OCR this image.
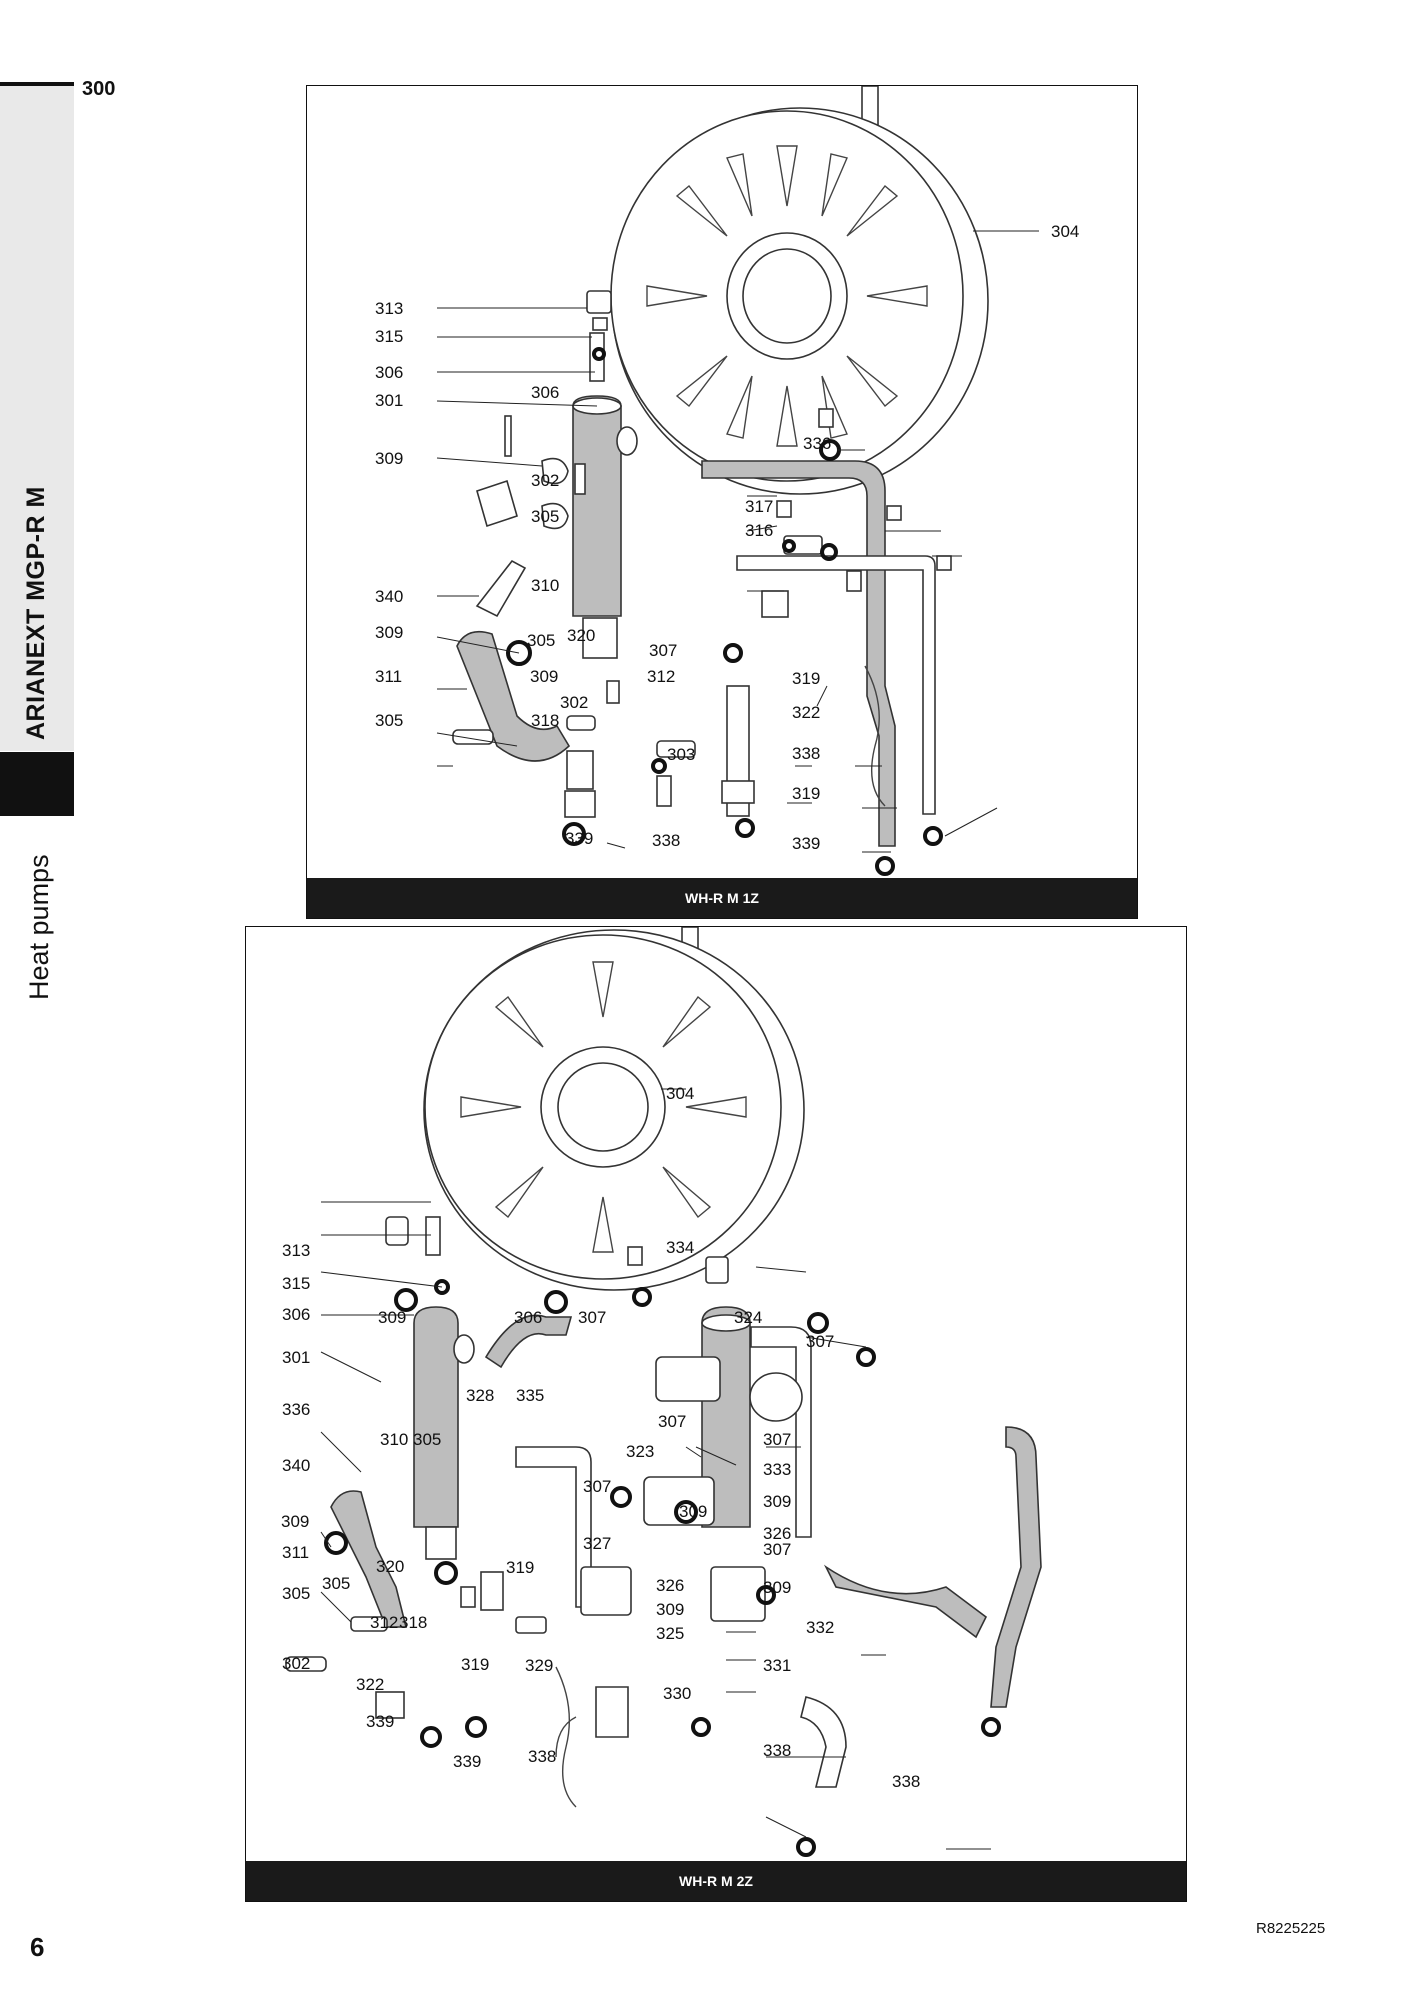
ARIANEXT MGP-R M
Heat pumps
300
304
313
315
306
301
309
306
336
302
305
317
316
340
310
309
307
311
305 320
309	312	319
305	318
302
322
303	338
319
339	339
338
WH-R M 1Z
304
313
315
334
306	309	306 307	324
301
307
336
328 335
307
310 305
323
307
340	333
307
309
309
309
327
326
311
320
307
305
319
326
305
309
309
312 318
325	332
302	329	331
319
330
322
339
339	338	338
338
WH-R M 2Z
6
R8225225
